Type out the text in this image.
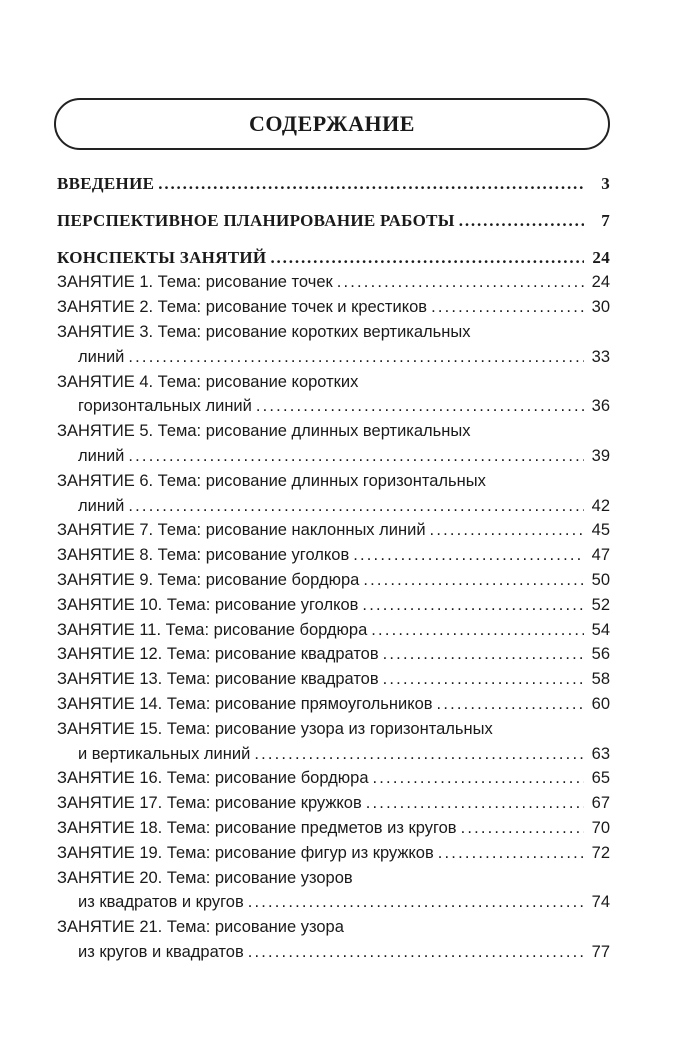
СОДЕРЖАНИЕ
ВВЕДЕНИЕ . . .	3
ПЕРСПЕКТИВНОЕ ПЛАНИРОВАНИЕ РАБОТЫ . . .	7
КОНСПЕКТЫ ЗАНЯТИЙ . . .	24
ЗАНЯТИЕ 1. Тема: рисование точек . . .	24
ЗАНЯТИЕ 2. Тема: рисование точек и крестиков . . .	30
ЗАНЯТИЕ 3. Тема: рисование коротких вертикальных
линий . . .	33
ЗАНЯТИЕ 4. Тема: рисование коротких
горизонтальных линий . . .	36
ЗАНЯТИЕ 5. Тема: рисование длинных вертикальных
линий . . .	39
ЗАНЯТИЕ 6. Тема: рисование длинных горизонтальных
линий . . .	42
ЗАНЯТИЕ 7. Тема: рисование наклонных линий . . .	45
ЗАНЯТИЕ 8. Тема: рисование уголков . . .	47
ЗАНЯТИЕ 9. Тема: рисование бордюра . . .	50
ЗАНЯТИЕ 10. Тема: рисование уголков . . .	52
ЗАНЯТИЕ 11. Тема: рисование бордюра . . .	54
ЗАНЯТИЕ 12. Тема: рисование квадратов . . .	56
ЗАНЯТИЕ 13. Тема: рисование квадратов . . .	58
ЗАНЯТИЕ 14. Тема: рисование прямоугольников . . .	60
ЗАНЯТИЕ 15. Тема: рисование узора из горизонтальных
и вертикальных линий . . .	63
ЗАНЯТИЕ 16. Тема: рисование бордюра . . .	65
ЗАНЯТИЕ 17. Тема: рисование кружков . . .	67
ЗАНЯТИЕ 18. Тема: рисование предметов из кругов . . .	70
ЗАНЯТИЕ 19. Тема: рисование фигур из кружков . . .	72
ЗАНЯТИЕ 20. Тема: рисование узоров
из квадратов и кругов . . .	74
ЗАНЯТИЕ 21. Тема: рисование узора
из кругов и квадратов . . .	77
